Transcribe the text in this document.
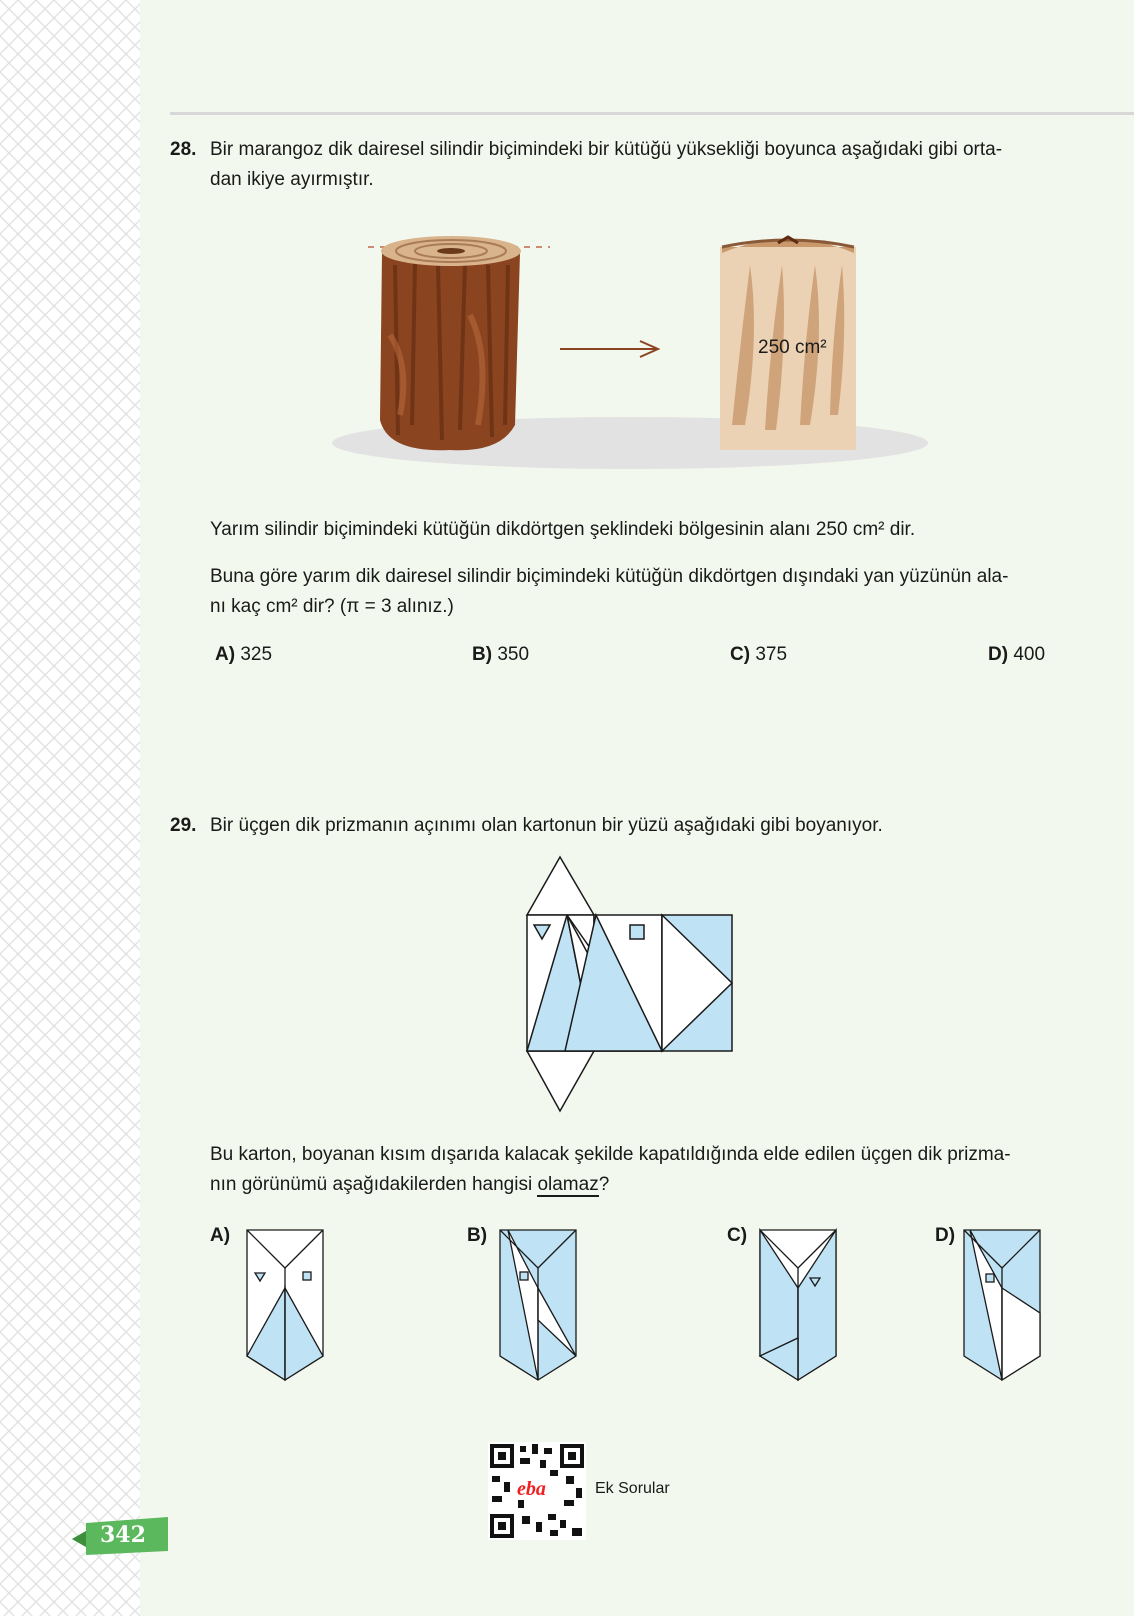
28. Bir marangoz dik dairesel silindir biçimindeki bir kütüğü yüksekliği boyunca aşağıdaki gibi orta-
dan ikiye ayırmıştır.
250 cm²
Yarım silindir biçimindeki kütüğün dikdörtgen şeklindeki bölgesinin alanı 250 cm² dir.
Buna göre yarım dik dairesel silindir biçimindeki kütüğün dikdörtgen dışındaki yan yüzünün ala-
nı kaç cm² dir? (π = 3 alınız.)
A) 325	B) 350	C) 375	D) 400
29. Bir üçgen dik prizmanın açınımı olan kartonun bir yüzü aşağıdaki gibi boyanıyor.
Bu karton, boyanan kısım dışarıda kalacak şekilde kapatıldığında elde edilen üçgen dik prizma-
nın görünümü aşağıdakilerden hangisi olamaz?
A)	B)	C)	D)
eba	Ek Sorular
342
